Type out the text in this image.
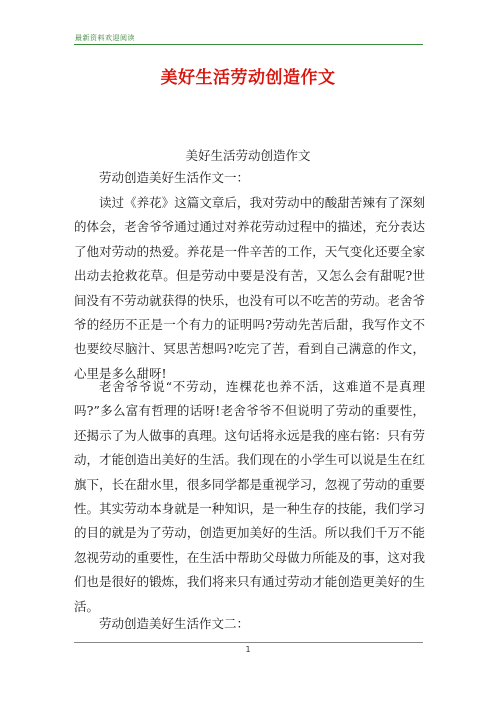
最新资料欢迎阅读
美好生活劳动创造作文
美好生活劳动创造作文
劳动创造美好生活作文一：
读过《养花》这篇文章后，我对劳动中的酸甜苦辣有了深刻的体会，老舍爷爷通过通过对养花劳动过程中的描述，充分表达了他对劳动的热爱。养花是一件辛苦的工作，天气变化还要全家出动去抢救花草。但是劳动中要是没有苦，又怎么会有甜呢?世间没有不劳动就获得的快乐，也没有可以不吃苦的劳动。老舍爷爷的经历不正是一个有力的证明吗?劳动先苦后甜，我写作文不也要绞尽脑汁、冥思苦想吗?吃完了苦，看到自己满意的作文，心里是多么甜呀!
老舍爷爷说“不劳动，连棵花也养不活，这难道不是真理吗?”多么富有哲理的话呀!老舍爷爷不但说明了劳动的重要性，还揭示了为人做事的真理。这句话将永远是我的座右铭：只有劳动，才能创造出美好的生活。我们现在的小学生可以说是生在红旗下，长在甜水里，很多同学都是重视学习，忽视了劳动的重要性。其实劳动本身就是一种知识，是一种生存的技能，我们学习的目的就是为了劳动，创造更加美好的生活。所以我们千万不能忽视劳动的重要性，在生活中帮助父母做力所能及的事，这对我们也是很好的锻炼，我们将来只有通过劳动才能创造更美好的生活。
劳动创造美好生活作文二：
1
